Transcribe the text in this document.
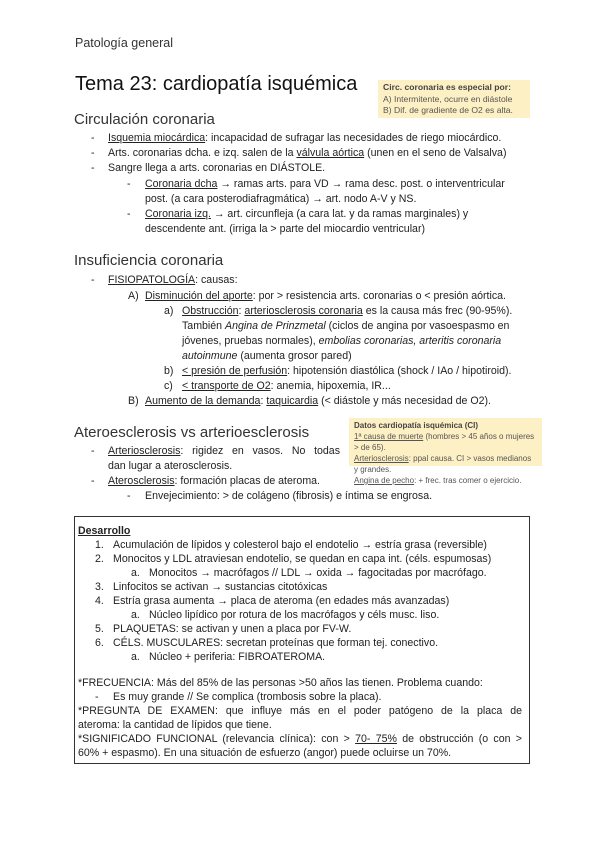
Patología general
Tema 23: cardiopatía isquémica	Circ. coronaria es especial por:
A) Intermitente, ocurre en diástole
B) Dif. de gradiente de O2 es alta.
Circulación coronaria
- Isquemia miocárdica: incapacidad de sufragar las necesidades de riego miocárdico.
- Arts. coronarias dcha. e izq. salen de la válvula aórtica (unen en el seno de Valsalva)
- Sangre llega a arts. coronarias en DIÁSTOLE.
- Coronaria dcha → ramas arts. para VD → rama desc. post. o interventricular
post. (a cara posterodiafragmática) → art. nodo A-V y NS.
- Coronaria izq. → art. circunfleja (a cara lat. y da ramas marginales) y
descendente ant. (irriga la > parte del miocardio ventricular)
Insuficiencia coronaria
- FISIOPATOLOGÍA: causas:
A) Disminución del aporte: por > resistencia arts. coronarias o < presión aórtica.
a) Obstrucción: arteriosclerosis coronaria es la causa más frec (90-95%).
También Angina de Prinzmetal (ciclos de angina por vasoespasmo en
jóvenes, pruebas normales), embolias coronarias, arteritis coronaria
autoinmune (aumenta grosor pared)
b) < presión de perfusión: hipotensión diastólica (shock / IAo / hipotiroid).
c) < transporte de O2: anemia, hipoxemia, IR...
B) Aumento de la demanda: taquicardia (< diástole y más necesidad de O2).
Datos cardiopatía isquémica (CI)
1ª causa de muerte (hombres > 45 años o mujeres > de 65).
Arteriosclerosis: ppal causa. CI > vasos medianos y grandes.
Angina de pecho: + frec. tras comer o ejercicio.
Ateroesclerosis vs arterioesclerosis
- Arteriosclerosis: rigidez en vasos. No todas
dan lugar a aterosclerosis.
- Aterosclerosis: formación placas de ateroma.
- Envejecimiento: > de colágeno (fibrosis) e íntima se engrosa.
Desarrollo
1. Acumulación de lípidos y colesterol bajo el endotelio → estría grasa (reversible)
2. Monocitos y LDL atraviesan endotelio, se quedan en capa int. (céls. espumosas)
a. Monocitos → macrófagos // LDL → oxida → fagocitadas por macrófago.
3. Linfocitos se activan → sustancias citotóxicas
4. Estría grasa aumenta → placa de ateroma (en edades más avanzadas)
a. Núcleo lipídico por rotura de los macrófagos y céls musc. liso.
5. PLAQUETAS: se activan y unen a placa por FV-W.
6. CÉLS. MUSCULARES: secretan proteínas que forman tej. conectivo.
a. Núcleo + periferia: FIBROATEROMA.
*FRECUENCIA: Más del 85% de las personas >50 años las tienen. Problema cuando:
- Es muy grande // Se complica (trombosis sobre la placa).
*PREGUNTA DE EXAMEN: que influye más en el poder patógeno de la placa de
ateroma: la cantidad de lípidos que tiene.
*SIGNIFICADO FUNCIONAL (relevancia clínica): con > 70- 75% de obstrucción (o con >
60% + espasmo). En una situación de esfuerzo (angor) puede ocluirse un 70%.
